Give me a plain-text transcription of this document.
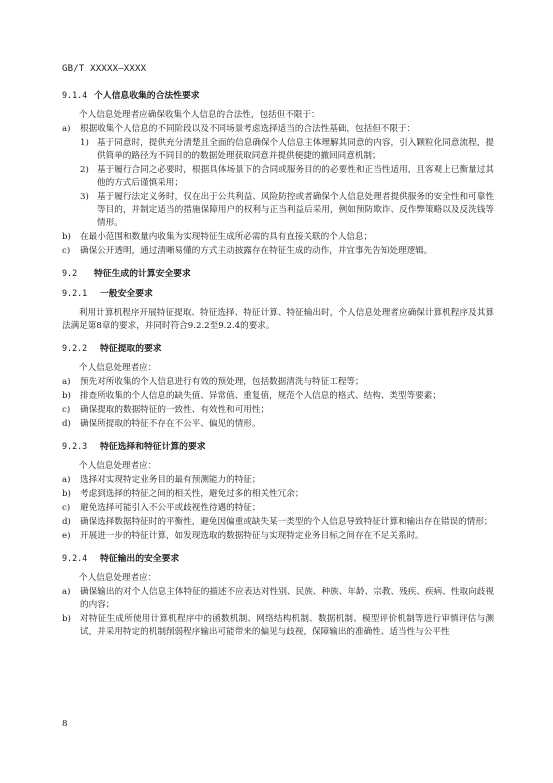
GB/T XXXXX—XXXX
9.1.4 个人信息收集的合法性要求

个人信息处理者应确保收集个人信息的合法性，包括但不限于：

a)	根据收集个人信息的不同阶段以及不同场景考虑选择适当的合法性基础，包括但不限于：
1) 基于同意时，提供充分清楚且全面的信息确保个人信息主体理解其同意的内容，引入颗粒化同意流程，提供简单的路径为不同目的的数据处理获取同意并提供便捷的撤回同意机制；
2) 基于履行合同之必要时，根据具体场景下的合同或服务目的的必要性和正当性适用，且客观上已衡量过其他的方式后谨慎采用；
3) 基于履行法定义务时，仅在出于公共利益、风险防控或者确保个人信息处理者提供服务的安全性和可靠性等目的，并制定适当的措施保障用户的权利与正当利益后采用，例如预防欺诈、反作弊策略以及反洗钱等情形。
b)	在最小范围和数量内收集为实现特征生成所必需的具有直接关联的个人信息；
c)	确保公开透明，通过清晰易懂的方式主动披露存在特征生成的动作，并宜事先告知处理逻辑。
9.2 特征生成的计算安全要求
9.2.1 一般安全要求

利用计算机程序开展特征提取、特征选择、特征计算、特征输出时，个人信息处理者应确保计算机程序及其算法满足第8章的要求，并同时符合9.2.2至9.2.4的要求。

9.2.2 特征提取的要求

个人信息处理者应：

a)	预先对所收集的个人信息进行有效的预处理，包括数据清洗与特征工程等；
b)	排查所收集的个人信息的缺失值、异常值、重复值，规范个人信息的格式、结构、类型等要素；
c)	确保提取的数据特征的一致性、有效性和可用性；
d)	确保所提取的特征不存在不公平、偏见的情形。
9.2.3 特征选择和特征计算的要求

个人信息处理者应：

a)	选择对实现特定业务目的最有预测能力的特征；
b)	考虑到选择的特征之间的相关性，避免过多的相关性冗余；
c)	避免选择可能引入不公平或歧视性待遇的特征；
d)	确保选择数据特征时的平衡性，避免因偏重或缺失某一类型的个人信息导致特征计算和输出存在错误的情形；
e)	开展进一步的特征计算，如发现选取的数据特征与实现特定业务目标之间存在不足关系时。
9.2.4 特征输出的安全要求

个人信息处理者应：

a)	确保输出的对个人信息主体特征的描述不应表达对性别、民族、种族、年龄、宗教、残疾、疾病、性取向歧视的内容；
b)	对特征生成所使用计算机程序中的函数机制、网络结构机制、数据机制、模型评价机制等进行审慎评估与测试，并采用特定的机制削弱程序输出可能带来的偏见与歧视，保障输出的准确性、适当性与公平性
8
